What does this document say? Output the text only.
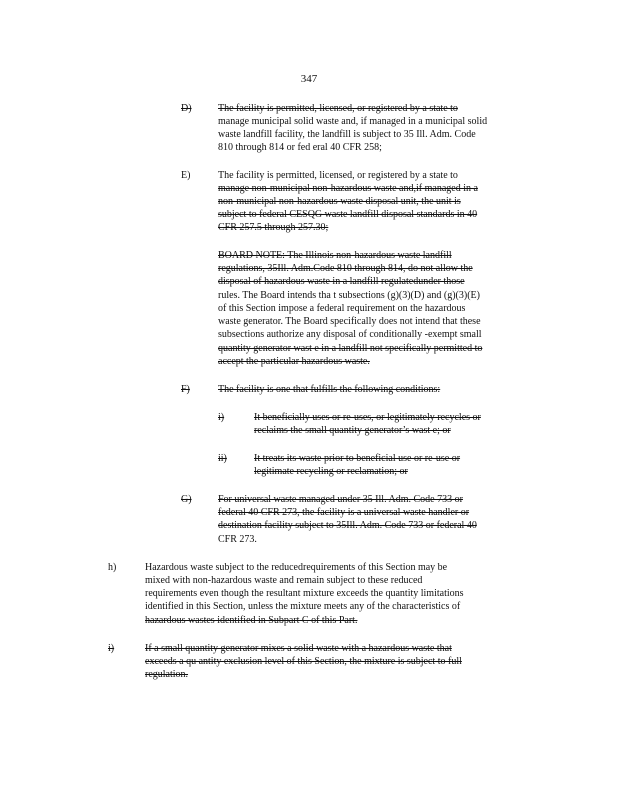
347
D)	The facility is permitted, licensed, or registered by a state to
manage municipal solid waste and, if managed in a municipal solid
waste landfill facility, the landfill is subject to 35 Ill. Adm. Code
810 through 814 or fed eral 40 CFR 258;
E)	The facility is permitted, licensed, or registered by a state to
manage non-municipal non-hazardous waste and,if managed in a
non-municipal non-hazardous waste disposal unit, the unit is
subject to federal CESQG waste landfill disposal standards in 40
CFR 257.5 through 257.30;
BOARD NOTE: The Illinois non-hazardous waste landfill
regulations, 35Ill. Adm.Code 810 through 814, do not allow the
disposal of hazardous waste in a landfill regulatedunder those
rules. The Board intends tha t subsections (g)(3)(D) and (g)(3)(E)
of this Section impose a federal requirement on the hazardous
waste generator. The Board specifically does not intend that these
subsections authorize any disposal of conditionally -exempt small
quantity generator wast e in a landfill not specifically permitted to
accept the particular hazardous waste.
F)	The facility is one that fulfills the following conditions:
i)	It beneficially uses or re-uses, or legitimately recycles or
reclaims the small quantity generator’s wast e; or
ii)	It treats its waste prior to beneficial use or re-use or
legitimate recycling or reclamation; or
G)	For universal waste managed under 35 Ill. Adm. Code 733 or
federal 40 CFR 273, the facility is a universal waste handler or
destination facility subject to 35Ill. Adm. Code 733 or federal 40
CFR 273.
h)	Hazardous waste subject to the reducedrequirements of this Section may be
mixed with non-hazardous waste and remain subject to these reduced
requirements even though the resultant mixture exceeds the quantity limitations
identified in this Section, unless the mixture meets any of the characteristics of
hazardous wastes identified in Subpart C of this Part.
i)	If a small quantity generator mixes a solid waste with a hazardous waste that
exceeds a qu antity exclusion level of this Section, the mixture is subject to full
regulation.
